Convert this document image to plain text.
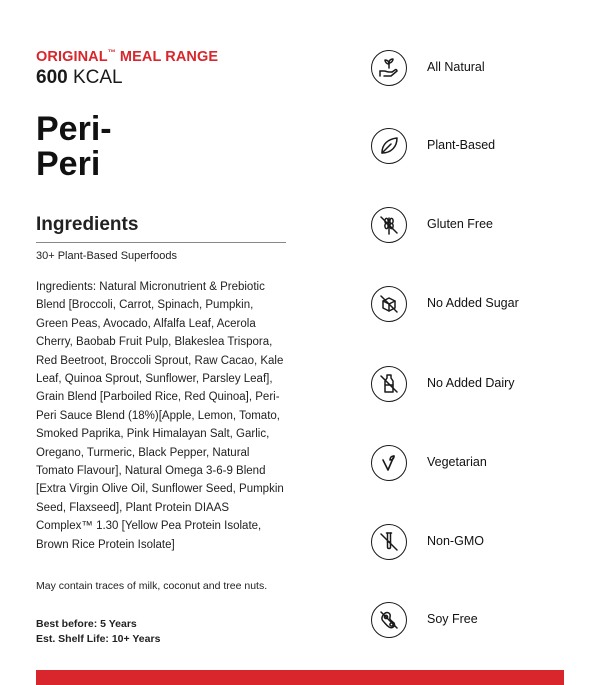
ORIGINAL™ MEAL RANGE
600 KCAL
Peri-
Peri
Ingredients
30+ Plant-Based Superfoods
Ingredients: Natural Micronutrient & Prebiotic Blend [Broccoli, Carrot, Spinach, Pumpkin, Green Peas, Avocado, Alfalfa Leaf, Acerola Cherry, Baobab Fruit Pulp, Blakeslea Trispora, Red Beetroot, Broccoli Sprout, Raw Cacao, Kale Leaf, Quinoa Sprout, Sunflower, Parsley Leaf], Grain Blend [Parboiled Rice, Red Quinoa], Peri-Peri Sauce Blend (18%)[Apple, Lemon, Tomato, Smoked Paprika, Pink Himalayan Salt, Garlic, Oregano, Turmeric, Black Pepper, Natural Tomato Flavour], Natural Omega 3-6-9 Blend [Extra Virgin Olive Oil, Sunflower Seed, Pumpkin Seed, Flaxseed], Plant Protein DIAAS Complex™ 1.30 [Yellow Pea Protein Isolate, Brown Rice Protein Isolate]
May contain traces of milk, coconut and tree nuts.
Best before: 5 Years
Est. Shelf Life: 10+ Years
All Natural
Plant-Based
Gluten Free
No Added Sugar
No Added Dairy
Vegetarian
Non-GMO
Soy Free
